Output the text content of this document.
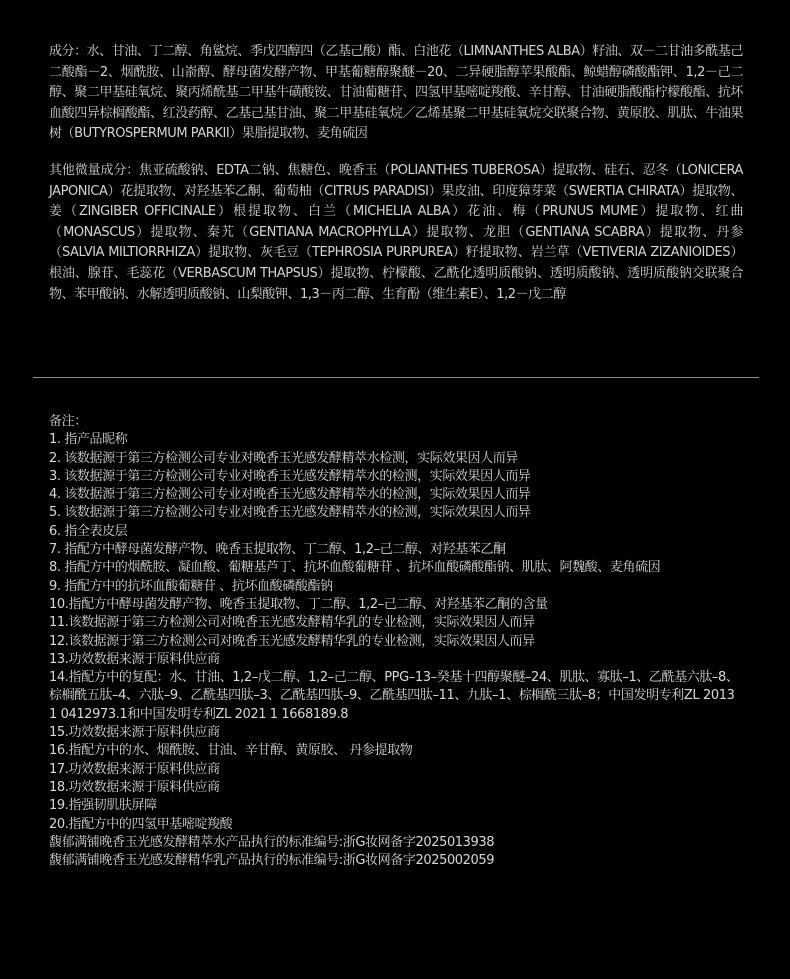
成分：水、甘油、丁二醇、角鲨烷、季戊四醇四（乙基己酸）酯、白池花（LIMNANTHES ALBA）籽油、双－二甘油多酰基己二酸酯－2、烟酰胺、山嵛醇、酵母菌发酵产物、甲基葡糖醇聚醚－20、二异硬脂醇苹果酸酯、鲸蜡醇磷酸酯钾、1,2－己二醇、聚二甲基硅氧烷、聚丙烯酰基二甲基牛磺酸铵、甘油葡糖苷、四氢甲基嘧啶羧酸、辛甘醇、甘油硬脂酸酯柠檬酸酯、抗坏血酸四异棕榈酸酯、红没药醇、乙基己基甘油、聚二甲基硅氧烷／乙烯基聚二甲基硅氧烷交联聚合物、黄原胶、肌肽、牛油果树（BUTYROSPERMUM PARKII）果脂提取物、麦角硫因

其他微量成分：焦亚硫酸钠、EDTA二钠、焦糖色、晚香玉（POLIANTHES TUBEROSA）提取物、硅石、忍冬（LONICERA JAPONICA）花提取物、对羟基苯乙酮、葡萄柚（CITRUS PARADISI）果皮油、印度獐芽菜（SWERTIA CHIRATA）提取物、姜（ZINGIBER OFFICINALE）根提取物、白兰（MICHELIA ALBA）花油、梅（PRUNUS MUME）提取物、红曲（MONASCUS）提取物、秦艽（GENTIANA MACROPHYLLA）提取物、龙胆（GENTIANA SCABRA）提取物、丹参（SALVIA MILTIORRHIZA）提取物、灰毛豆（TEPHROSIA PURPUREA）籽提取物、岩兰草（VETIVERIA ZIZANIOIDES）根油、腺苷、毛蕊花（VERBASCUM THAPSUS）提取物、柠檬酸、乙酰化透明质酸钠、透明质酸钠、透明质酸钠交联聚合物、苯甲酸钠、水解透明质酸钠、山梨酸钾、1,3－丙二醇、生育酚（维生素E）、1,2－戊二醇

备注：

1. 指产品昵称

2. 该数据源于第三方检测公司专业对晚香玉光感发酵精萃水检测，实际效果因人而异

3. 该数据源于第三方检测公司专业对晚香玉光感发酵精萃水的检测，实际效果因人而异

4. 该数据源于第三方检测公司专业对晚香玉光感发酵精萃水的检测，实际效果因人而异

5. 该数据源于第三方检测公司专业对晚香玉光感发酵精萃水的检测，实际效果因人而异

6. 指全表皮层

7. 指配方中酵母菌发酵产物、晚香玉提取物、丁二醇、1,2–己二醇、对羟基苯乙酮

8. 指配方中的烟酰胺、凝血酸、葡糖基芦丁、抗坏血酸葡糖苷 、抗坏血酸磷酸酯钠、肌肽、阿魏酸、麦角硫因

9. 指配方中的抗坏血酸葡糖苷 、抗坏血酸磷酸酯钠

10.指配方中酵母菌发酵产物、晚香玉提取物、丁二醇、1,2–己二醇、对羟基苯乙酮的含量

11.该数据源于第三方检测公司对晚香玉光感发酵精华乳的专业检测，实际效果因人而异

12.该数据源于第三方检测公司对晚香玉光感发酵精华乳的专业检测，实际效果因人而异

13.功效数据来源于原料供应商

14.指配方中的复配：水、甘油、1,2–戊二醇、1,2–己二醇、PPG–13–癸基十四醇聚醚–24、肌肽、寡肽–1、乙酰基六肽–8、棕榈酰五肽–4、六肽–9、乙酰基四肽–3、乙酰基四肽–9、乙酰基四肽–11、九肽–1、棕榈酰三肽–8；中国发明专利ZL 2013 1 0412973.1和中国发明专利ZL 2021 1 1668189.8

15.功效数据来源于原料供应商

16.指配方中的水、烟酰胺、甘油、辛甘醇、黄原胶、 丹参提取物

17.功效数据来源于原料供应商

18.功效数据来源于原料供应商

19.指强韧肌肤屏障

20.指配方中的四氢甲基嘧啶羧酸

馥郁满铺晚香玉光感发酵精萃水产品执行的标准编号:浙G妆网备字2025013938

馥郁满铺晚香玉光感发酵精华乳产品执行的标准编号:浙G妆网备字2025002059
